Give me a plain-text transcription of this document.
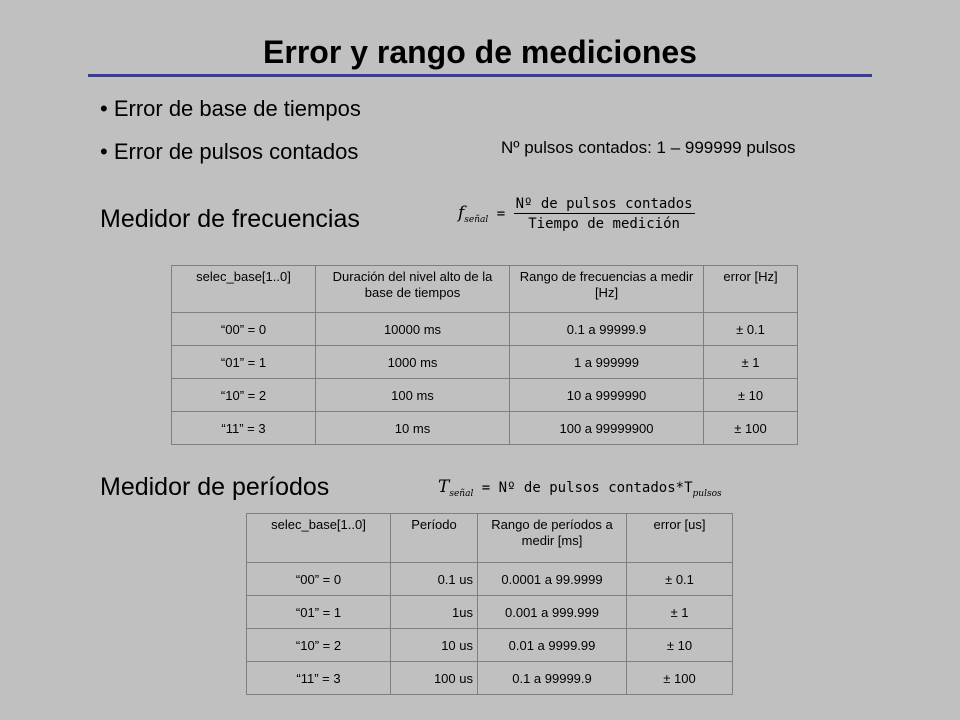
Error y rango de mediciones
• Error de base de tiempos
• Error de pulsos contados	Nº pulsos contados: 1 – 999999 pulsos
Medidor de frecuencias	$f_{señal} = \frac{\text{Nº de pulsos contados}}{\text{Tiempo de medición}}$
selec_base[1..0]	Duración del nivel alto de la base de tiempos	Rango de frecuencias a medir [Hz]	error [Hz]
“00” = 0	10000 ms	0.1 a 99999.9	± 0.1
“01” = 1	1000 ms	1 a 999999	± 1
“10” = 2	100 ms	10 a 9999990	± 10
“11” = 3	10 ms	100 a 99999900	± 100
Medidor de períodos	$T_{señal}$ = Nº de pulsos $contados*T_{pulsos}$
selec_base[1..0]	Período	Rango de períodos a medir [ms]	error [us]
“00” = 0	0.1 us	0.0001 a 99.9999	± 0.1
“01” = 1	1us	0.001 a 999.999	± 1
“10” = 2	10 us	0.01 a 9999.99	± 10
“11” = 3	100 us	0.1 a 99999.9	± 100
